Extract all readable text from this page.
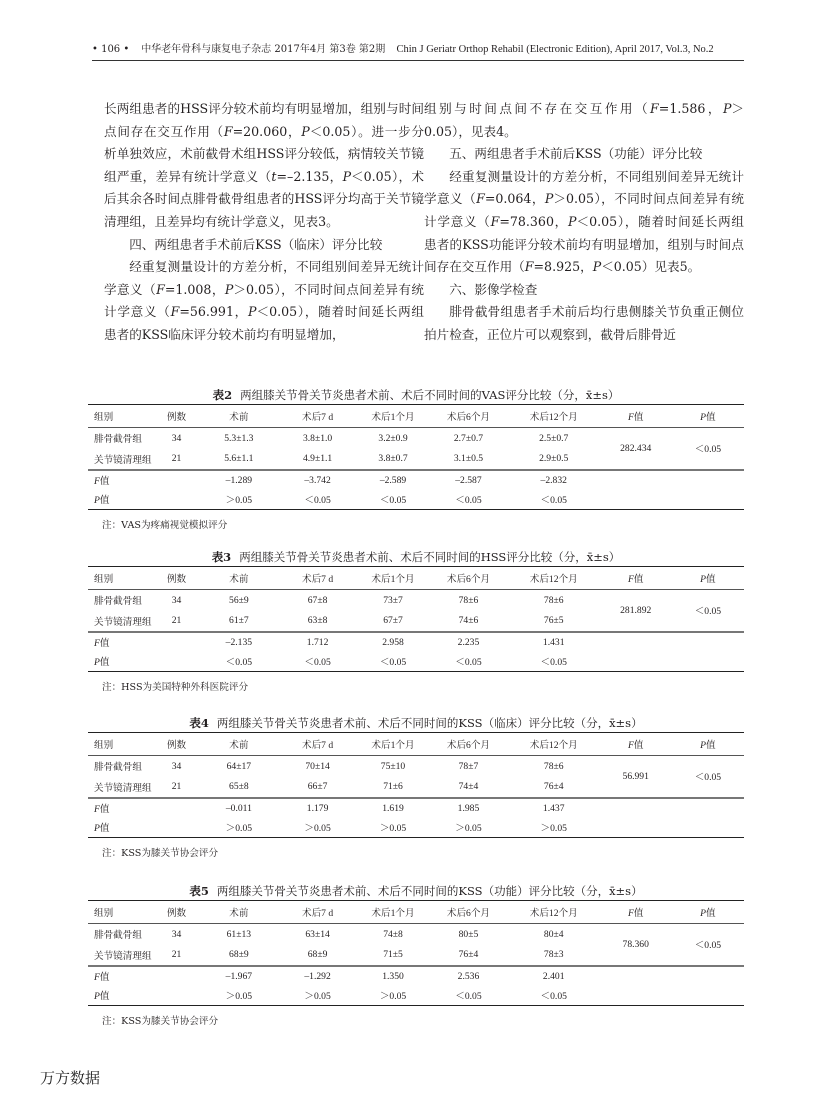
• 106 • 中华老年骨科与康复电子杂志 2017年4月 第3卷 第2期 Chin J Geriatr Orthop Rehabil (Electronic Edition), April 2017, Vol.3, No.2

长两组患者的HSS评分较术前均有明显增加，组别与时间点间存在交互作用（F=20.060，P＜0.05）。进一步分析单独效应，术前截骨术组HSS评分较低，病情较关节镜组严重，差异有统计学意义（t=–2.135，P＜0.05），术后其余各时间点腓骨截骨组患者的HSS评分均高于关节镜清理组，且差异均有统计学意义，见表3。

四、两组患者手术前后KSS（临床）评分比较

经重复测量设计的方差分析，不同组别间差异无统计学意义（F=1.008，P＞0.05），不同时间点间差异有统计学意义（F=56.991，P＜0.05），随着时间延长两组患者的KSS临床评分较术前均有明显增加，

组别与时间点间不存在交互作用（F=1.586，P＞0.05），见表4。

五、两组患者手术前后KSS（功能）评分比较

经重复测量设计的方差分析，不同组别间差异无统计学意义（F=0.064，P＞0.05），不同时间点间差异有统计学意义（F=78.360，P＜0.05），随着时间延长两组患者的KSS功能评分较术前均有明显增加，组别与时间点间存在交互作用（F=8.925，P＜0.05）见表5。

六、影像学检查

腓骨截骨组患者手术前后均行患侧膝关节负重正侧位拍片检查，正位片可以观察到，截骨后腓骨近

表2 两组膝关节骨关节炎患者术前、术后不同时间的VAS评分比较（分，x̄±s）
组别	例数	术前	术后7 d	术后1个月	术后6个月	术后12个月	F值	P值
腓骨截骨组	34	5.3±1.3	3.8±1.0	3.2±0.9	2.7±0.7	2.5±0.7	282.434	＜0.05
关节镜清理组	21	5.6±1.1	4.9±1.1	3.8±0.7	3.1±0.5	2.9±0.5		
F值		–1.289	–3.742	–2.589	–2.587	–2.832		
P值		＞0.05	＜0.05	＜0.05	＜0.05	＜0.05		
注：VAS为疼痛视觉模拟评分
表3 两组膝关节骨关节炎患者术前、术后不同时间的HSS评分比较（分，x̄±s）
组别	例数	术前	术后7 d	术后1个月	术后6个月	术后12个月	F值	P值
腓骨截骨组	34	56±9	67±8	73±7	78±6	78±6	281.892	＜0.05
关节镜清理组	21	61±7	63±8	67±7	74±6	76±5		
F值		–2.135	1.712	2.958	2.235	1.431		
P值		＜0.05	＜0.05	＜0.05	＜0.05	＜0.05		
注：HSS为美国特种外科医院评分
表4 两组膝关节骨关节炎患者术前、术后不同时间的KSS（临床）评分比较（分，x̄±s）
组别	例数	术前	术后7 d	术后1个月	术后6个月	术后12个月	F值	P值
腓骨截骨组	34	64±17	70±14	75±10	78±7	78±6	56.991	＜0.05
关节镜清理组	21	65±8	66±7	71±6	74±4	76±4		
F值		–0.011	1.179	1.619	1.985	1.437		
P值		＞0.05	＞0.05	＞0.05	＞0.05	＞0.05		
注：KSS为膝关节协会评分
表5 两组膝关节骨关节炎患者术前、术后不同时间的KSS（功能）评分比较（分，x̄±s）
组别	例数	术前	术后7 d	术后1个月	术后6个月	术后12个月	F值	P值
腓骨截骨组	34	61±13	63±14	74±8	80±5	80±4	78.360	＜0.05
关节镜清理组	21	68±9	68±9	71±5	76±4	78±3		
F值		–1.967	–1.292	1.350	2.536	2.401		
P值		＞0.05	＞0.05	＞0.05	＜0.05	＜0.05		
注：KSS为膝关节协会评分
万方数据
